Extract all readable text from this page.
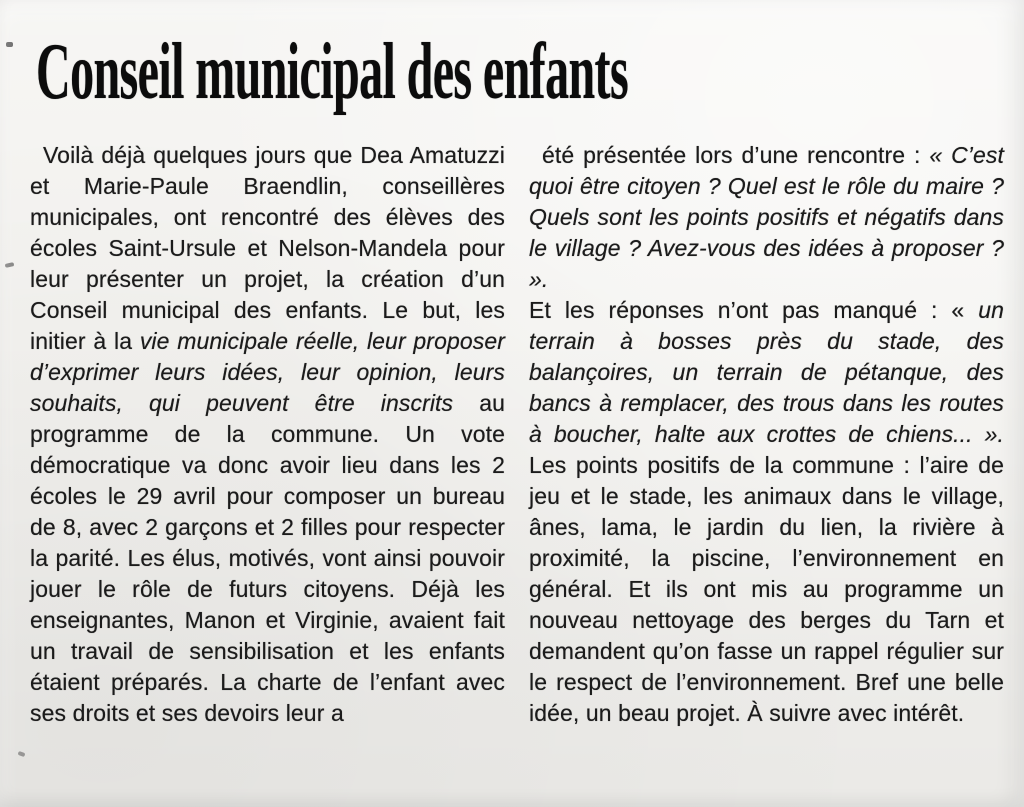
Conseil municipal des enfants

Voilà déjà quelques jours que Dea Amatuzzi et Marie-Paule Braendlin, conseillères municipales, ont rencontré des élèves des écoles Saint-Ursule et Nelson-Mandela pour leur présenter un projet, la création d’un Conseil municipal des enfants. Le but, les initier à la vie municipale réelle, leur proposer d’exprimer leurs idées, leur opinion, leurs souhaits, qui peuvent être inscrits au programme de la commune. Un vote démocratique va donc avoir lieu dans les 2 écoles le 29 avril pour composer un bureau de 8, avec 2 garçons et 2 filles pour respecter la parité. Les élus, motivés, vont ainsi pouvoir jouer le rôle de futurs citoyens. Déjà les enseignantes, Manon et Virginie, avaient fait un travail de sensibilisation et les enfants étaient préparés. La charte de l’enfant avec ses droits et ses devoirs leur a

été présentée lors d’une rencontre : « C’est quoi être citoyen ? Quel est le rôle du maire ? Quels sont les points positifs et négatifs dans le village ? Avez-vous des idées à proposer ? ».

Et les réponses n’ont pas manqué : « un terrain à bosses près du stade, des balançoires, un terrain de pétanque, des bancs à remplacer, des trous dans les routes à boucher, halte aux crottes de chiens... ». Les points positifs de la commune : l’aire de jeu et le stade, les animaux dans le village, ânes, lama, le jardin du lien, la rivière à proximité, la piscine, l’environnement en général. Et ils ont mis au programme un nouveau nettoyage des berges du Tarn et demandent qu’on fasse un rappel régulier sur le respect de l’environnement. Bref une belle idée, un beau projet. À suivre avec intérêt.
